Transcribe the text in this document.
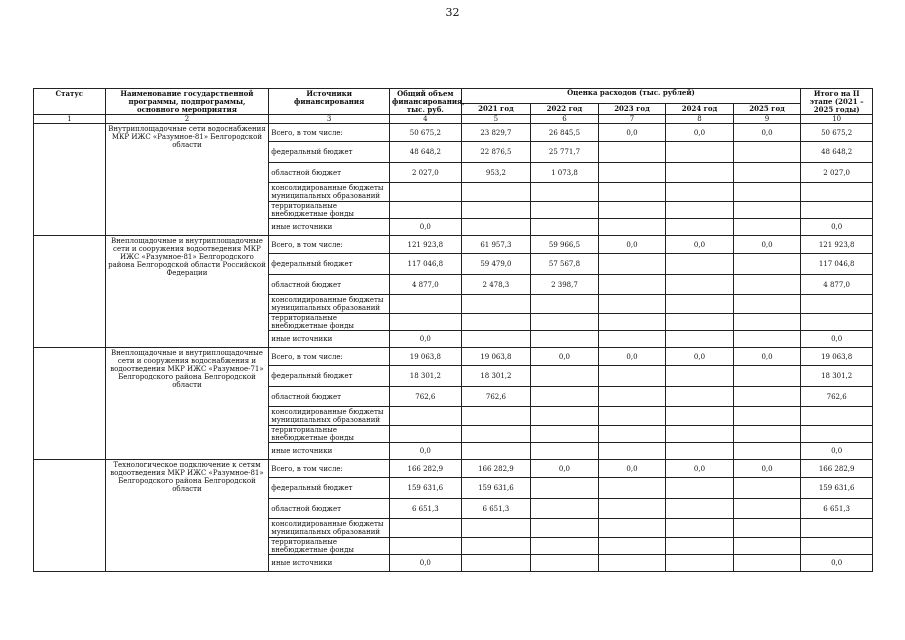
32
Статус	Наименование государственной программы, подпрограммы, основного мероприятия	Источники финансирования	Общий объем финансирования, тыс. руб.	Оценка расходов (тыс. рублей)					Итого на II этапе (2021 – 2025 годы)
				2021 год	2022 год	2023 год	2024 год	2025 год	
1	2	3	4	5	6	7	8	9	10
	Внутриплощадочные сети водоснабжения МКР ИЖС «Разумное-81» Белгородской области	Всего, в том числе:	50 675,2	23 829,7	26 845,5	0,0	0,0	0,0	50 675,2
		федеральный бюджет	48 648,2	22 876,5	25 771,7				48 648,2
		областной бюджет	2 027,0	953,2	1 073,8				2 027,0
		консолидированные бюджеты муниципальных образований							
		территориальные внебюджетные фонды							
		иные источники	0,0						0,0
	Внеплощадочные и внутриплощадочные сети и сооружения водоотведения МКР ИЖС «Разумное-81» Белгородского района Белгородской области Российской Федерации	Всего, в том числе:	121 923,8	61 957,3	59 966,5	0,0	0,0	0,0	121 923,8
		федеральный бюджет	117 046,8	59 479,0	57 567,8				117 046,8
		областной бюджет	4 877,0	2 478,3	2 398,7				4 877,0
		консолидированные бюджеты муниципальных образований							
		территориальные внебюджетные фонды							
		иные источники	0,0						0,0
	Внеплощадочные и внутриплощадочные сети и сооружения водоснабжения и водоотведения МКР ИЖС «Разумное-71» Белгородского района Белгородской области	Всего, в том числе:	19 063,8	19 063,8	0,0	0,0	0,0	0,0	19 063,8
		федеральный бюджет	18 301,2	18 301,2					18 301,2
		областной бюджет	762,6	762,6					762,6
		консолидированные бюджеты муниципальных образований							
		территориальные внебюджетные фонды							
		иные источники	0,0						0,0
	Технологическое подключение к сетям водоотведения МКР ИЖС «Разумное-81» Белгородского района Белгородской области	Всего, в том числе:	166 282,9	166 282,9	0,0	0,0	0,0	0,0	166 282,9
		федеральный бюджет	159 631,6	159 631,6					159 631,6
		областной бюджет	6 651,3	6 651,3					6 651,3
		консолидированные бюджеты муниципальных образований							
		территориальные внебюджетные фонды							
		иные источники	0,0						0,0
